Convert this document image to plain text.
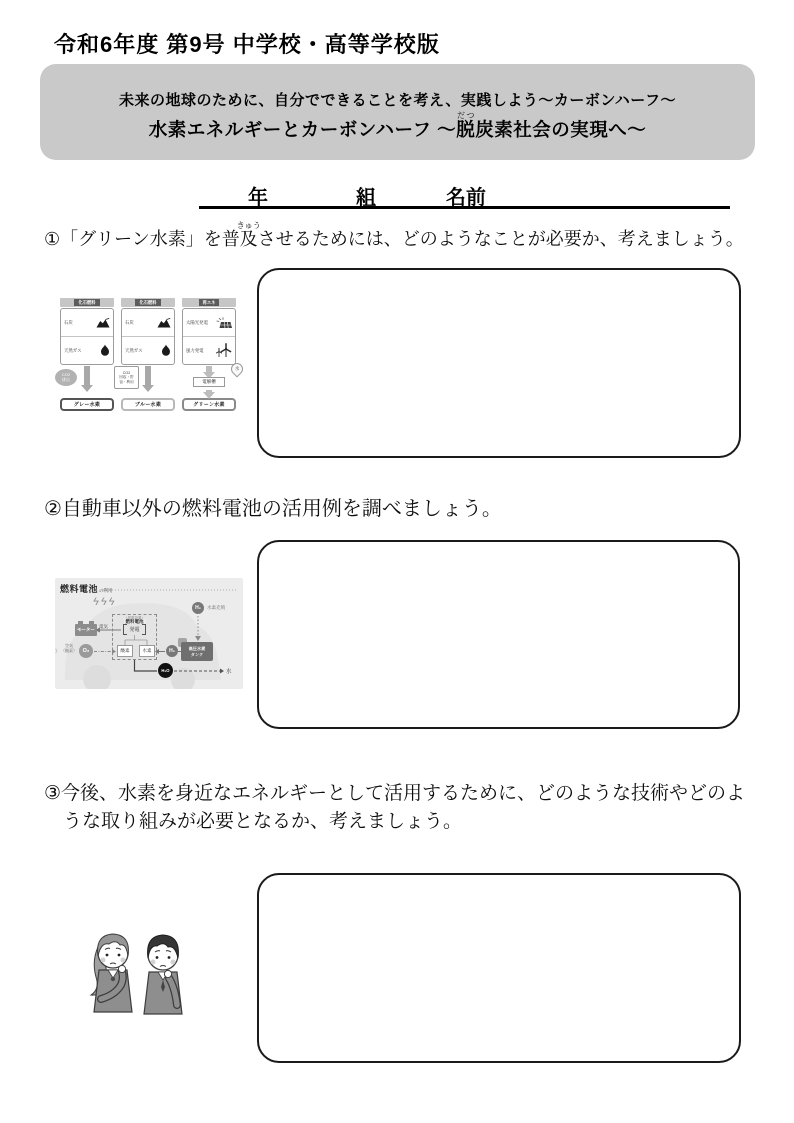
令和6年度 第9号 中学校・高等学校版
未来の地球のために、自分でできることを考え、実践しよう～カーボンハーフ～
水素エネルギーとカーボンハーフ ～脱だつ炭素社会の実現へ～
年	組	名前
①「グリーン水素」を普及きゅうさせるためには、どのようなことが必要か、考えましょう。
化石燃料
石炭
天然ガス
CO2
排出
グレー水素
化石燃料
石炭
天然ガス
CO2
回収・貯留・利用
ブルー水素
再エネ
太陽光発電
風力発電
水
電解槽
グリーン水素
②自動車以外の燃料電池の活用例を調べましょう。
燃料電池 の利用
ϟϟϟ	H₂	水素充填
燃料電池
（発電装置）
発電
モーター
電気
酸素	水素
》
空気
（酸素）	O₂	H₂	高圧水素
タンク
H₂O	水
③今後、水素を身近なエネルギーとして活用するために、どのような技術やどのよ
うな取り組みが必要となるか、考えましょう。
